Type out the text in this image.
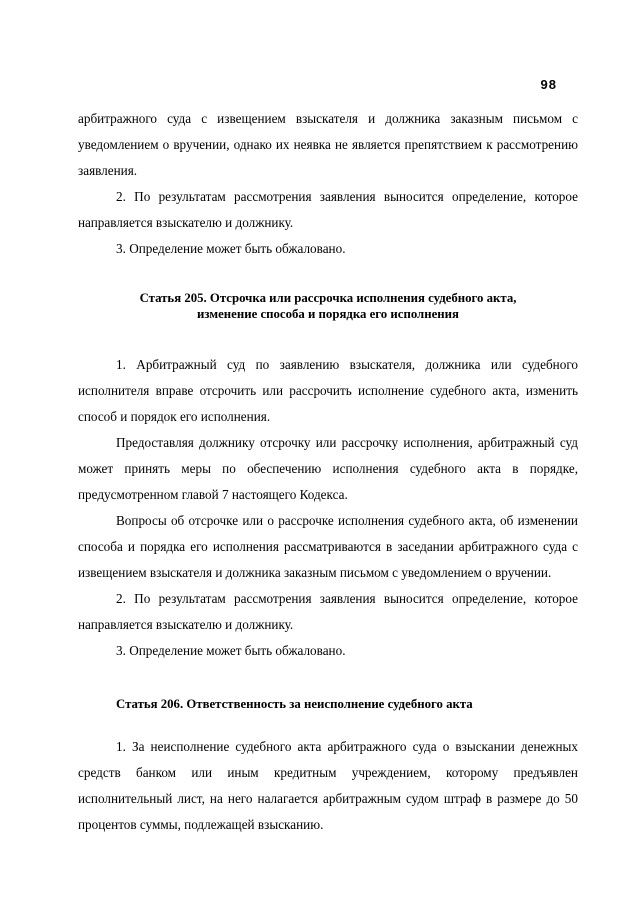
98

арбитражного суда с извещением взыскателя и должника заказным письмом с уведомлением о вручении, однако их неявка не является препятствием к рассмотрению заявления.

2. По результатам рассмотрения заявления выносится определение, которое направляется взыскателю и должнику.

3. Определение может быть обжаловано.

Статья 205. Отсрочка или рассрочка исполнения судебного акта,
изменение способа и порядка его исполнения

1. Арбитражный суд по заявлению взыскателя, должника или судебного исполнителя вправе отсрочить или рассрочить исполнение судебного акта, изменить способ и порядок его исполнения.

Предоставляя должнику отсрочку или рассрочку исполнения, арбитражный суд может принять меры по обеспечению исполнения судебного акта в порядке, предусмотренном главой 7 настоящего Кодекса.

Вопросы об отсрочке или о рассрочке исполнения судебного акта, об изменении способа и порядка его исполнения рассматриваются в заседании арбитражного суда с извещением взыскателя и должника заказным письмом с уведомлением о вручении.

2. По результатам рассмотрения заявления выносится определение, которое направляется взыскателю и должнику.

3. Определение может быть обжаловано.

Статья 206. Ответственность за неисполнение судебного акта

1. За неисполнение судебного акта арбитражного суда о взыскании денежных средств банком или иным кредитным учреждением, которому предъявлен исполнительный лист, на него налагается арбитражным судом штраф в размере до 50 процентов суммы, подлежащей взысканию.
